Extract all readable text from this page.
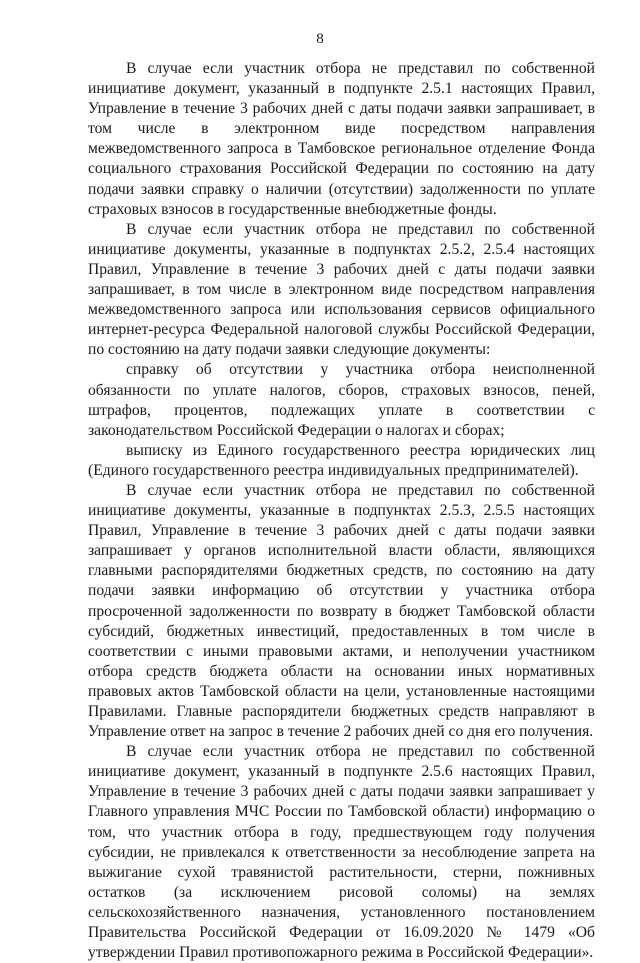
8

В случае если участник отбора не представил по собственной инициативе документ, указанный в подпункте 2.5.1 настоящих Правил, Управление в течение 3 рабочих дней с даты подачи заявки запрашивает, в том числе в электронном виде посредством направления межведомственного запроса в Тамбовское региональное отделение Фонда социального страхования Российской Федерации по состоянию на дату подачи заявки справку о наличии (отсутствии) задолженности по уплате страховых взносов в государственные внебюджетные фонды.

В случае если участник отбора не представил по собственной инициативе документы, указанные в подпунктах 2.5.2, 2.5.4 настоящих Правил, Управление в течение 3 рабочих дней с даты подачи заявки запрашивает, в том числе в электронном виде посредством направления межведомственного запроса или использования сервисов официального интернет-ресурса Федеральной налоговой службы Российской Федерации, по состоянию на дату подачи заявки следующие документы:

справку об отсутствии у участника отбора неисполненной обязанности по уплате налогов, сборов, страховых взносов, пеней, штрафов, процентов, подлежащих уплате в соответствии с законодательством Российской Федерации о налогах и сборах;

выписку из Единого государственного реестра юридических лиц (Единого государственного реестра индивидуальных предпринимателей).

В случае если участник отбора не представил по собственной инициативе документы, указанные в подпунктах 2.5.3, 2.5.5 настоящих Правил, Управление в течение 3 рабочих дней с даты подачи заявки запрашивает у органов исполнительной власти области, являющихся главными распорядителями бюджетных средств, по состоянию на дату подачи заявки информацию об отсутствии у участника отбора просроченной задолженности по возврату в бюджет Тамбовской области субсидий, бюджетных инвестиций, предоставленных в том числе в соответствии с иными правовыми актами, и неполучении участником отбора средств бюджета области на основании иных нормативных правовых актов Тамбовской области на цели, установленные настоящими Правилами. Главные распорядители бюджетных средств направляют в Управление ответ на запрос в течение 2 рабочих дней со дня его получения.

В случае если участник отбора не представил по собственной инициативе документ, указанный в подпункте 2.5.6 настоящих Правил, Управление в течение 3 рабочих дней с даты подачи заявки запрашивает у Главного управления МЧС России по Тамбовской области) информацию о том, что участник отбора в году, предшествующем году получения субсидии, не привлекался к ответственности за несоблюдение запрета на выжигание сухой травянистой растительности, стерни, пожнивных остатков (за исключением рисовой соломы) на землях сельскохозяйственного назначения, установленного постановлением Правительства Российской Федерации от 16.09.2020 № 1479 «Об утверждении Правил противопожарного режима в Российской Федерации».
